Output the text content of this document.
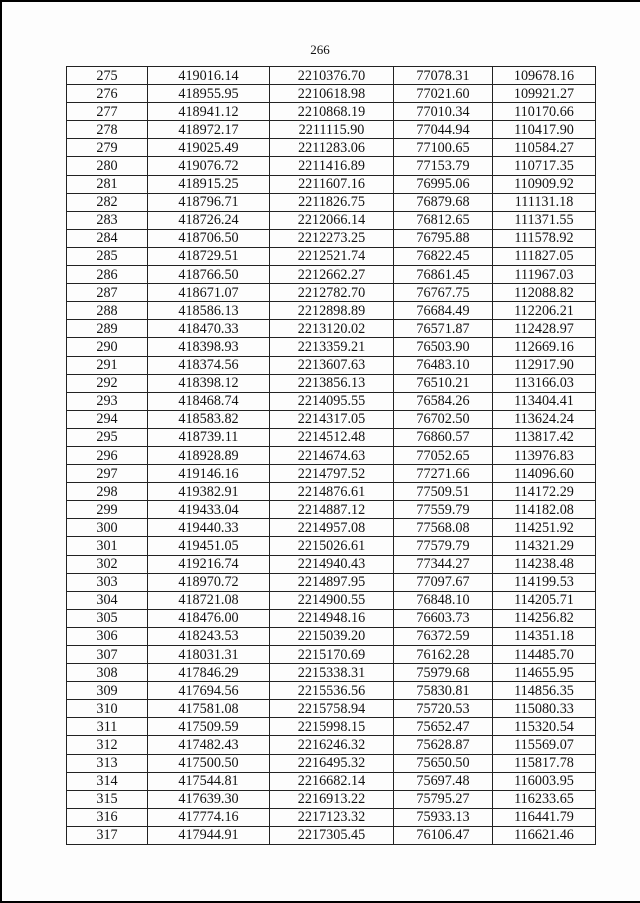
266
275	419016.14	2210376.70	77078.31	109678.16
276	418955.95	2210618.98	77021.60	109921.27
277	418941.12	2210868.19	77010.34	110170.66
278	418972.17	2211115.90	77044.94	110417.90
279	419025.49	2211283.06	77100.65	110584.27
280	419076.72	2211416.89	77153.79	110717.35
281	418915.25	2211607.16	76995.06	110909.92
282	418796.71	2211826.75	76879.68	111131.18
283	418726.24	2212066.14	76812.65	111371.55
284	418706.50	2212273.25	76795.88	111578.92
285	418729.51	2212521.74	76822.45	111827.05
286	418766.50	2212662.27	76861.45	111967.03
287	418671.07	2212782.70	76767.75	112088.82
288	418586.13	2212898.89	76684.49	112206.21
289	418470.33	2213120.02	76571.87	112428.97
290	418398.93	2213359.21	76503.90	112669.16
291	418374.56	2213607.63	76483.10	112917.90
292	418398.12	2213856.13	76510.21	113166.03
293	418468.74	2214095.55	76584.26	113404.41
294	418583.82	2214317.05	76702.50	113624.24
295	418739.11	2214512.48	76860.57	113817.42
296	418928.89	2214674.63	77052.65	113976.83
297	419146.16	2214797.52	77271.66	114096.60
298	419382.91	2214876.61	77509.51	114172.29
299	419433.04	2214887.12	77559.79	114182.08
300	419440.33	2214957.08	77568.08	114251.92
301	419451.05	2215026.61	77579.79	114321.29
302	419216.74	2214940.43	77344.27	114238.48
303	418970.72	2214897.95	77097.67	114199.53
304	418721.08	2214900.55	76848.10	114205.71
305	418476.00	2214948.16	76603.73	114256.82
306	418243.53	2215039.20	76372.59	114351.18
307	418031.31	2215170.69	76162.28	114485.70
308	417846.29	2215338.31	75979.68	114655.95
309	417694.56	2215536.56	75830.81	114856.35
310	417581.08	2215758.94	75720.53	115080.33
311	417509.59	2215998.15	75652.47	115320.54
312	417482.43	2216246.32	75628.87	115569.07
313	417500.50	2216495.32	75650.50	115817.78
314	417544.81	2216682.14	75697.48	116003.95
315	417639.30	2216913.22	75795.27	116233.65
316	417774.16	2217123.32	75933.13	116441.79
317	417944.91	2217305.45	76106.47	116621.46
